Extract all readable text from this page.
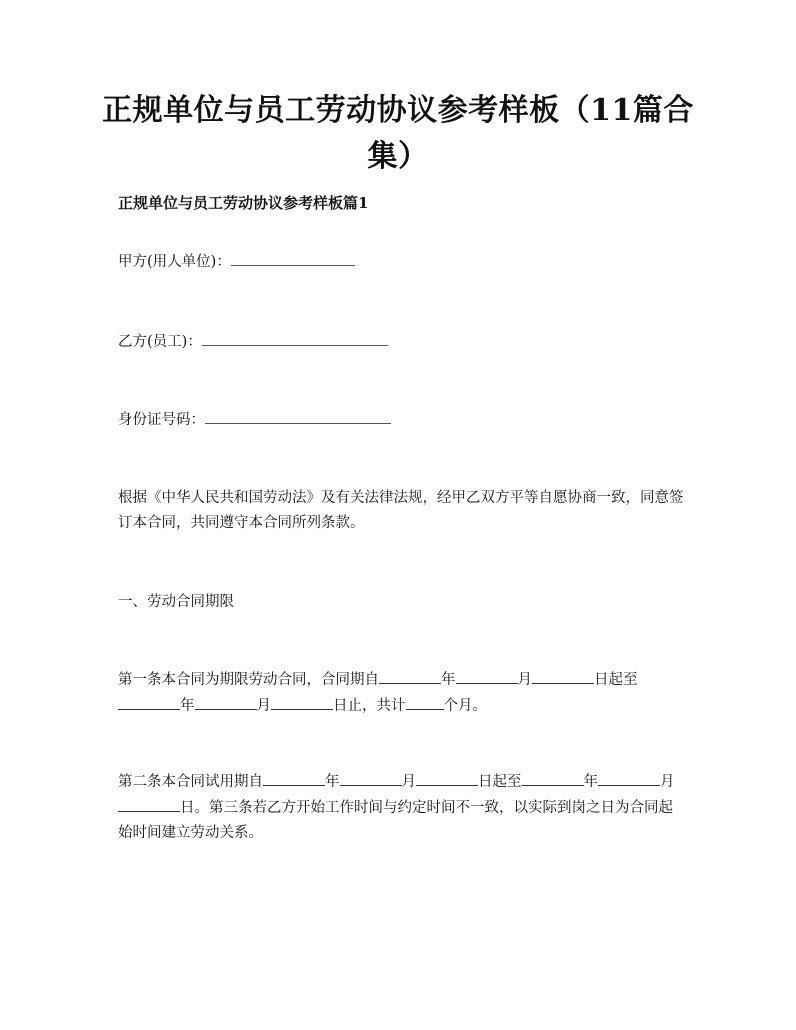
正规单位与员工劳动协议参考样板（11篇合集）
正规单位与员工劳动协议参考样板篇1
甲方(用人单位)：
乙方(员工)：
身份证号码：
根据《中华人民共和国劳动法》及有关法律法规，经甲乙双方平等自愿协商一致，同意签订本合同，共同遵守本合同所列条款。
一、劳动合同期限
第一条本合同为期限劳动合同，合同期自	年	月	日起至
年	月	日止，共计	个月。
第二条本合同试用期自	年	月	日起至	年	月日。第三条若乙方开始工作时间与约定时间不一致，以实际到岗之日为合同起始时间建立劳动关系。
